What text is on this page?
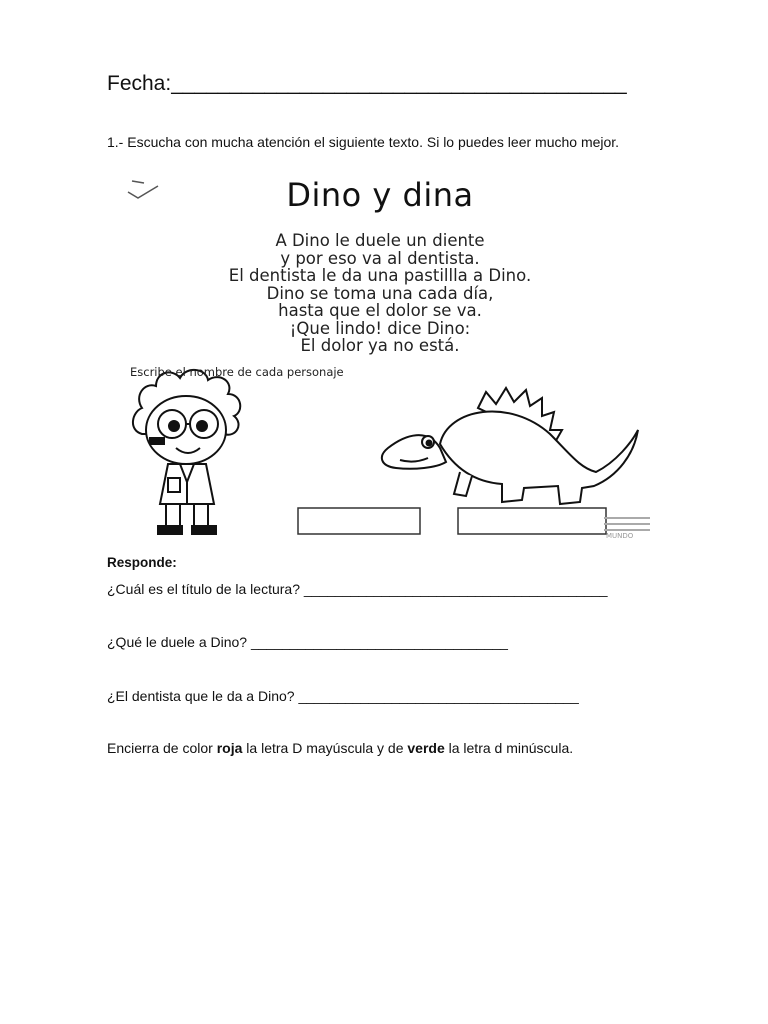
Fecha:_______________________________________
1.- Escucha con mucha atención el siguiente texto. Si lo puedes leer mucho mejor.
Dino y dina
A Dino le duele un diente
y por eso va al dentista.
El dentista le da una pastillla a Dino.
Dino se toma una cada día,
hasta que el dolor se va.
¡Que lindo! dice Dino:
El dolor ya no está.
Escribe el nombre de cada personaje
MUNDO
Responde:
¿Cuál es el título de la lectura? _______________________________________
¿Qué le duele a Dino? _________________________________
¿El dentista que le da a Dino? ____________________________________
Encierra de color roja la letra D mayúscula y de verde la letra d minúscula.
